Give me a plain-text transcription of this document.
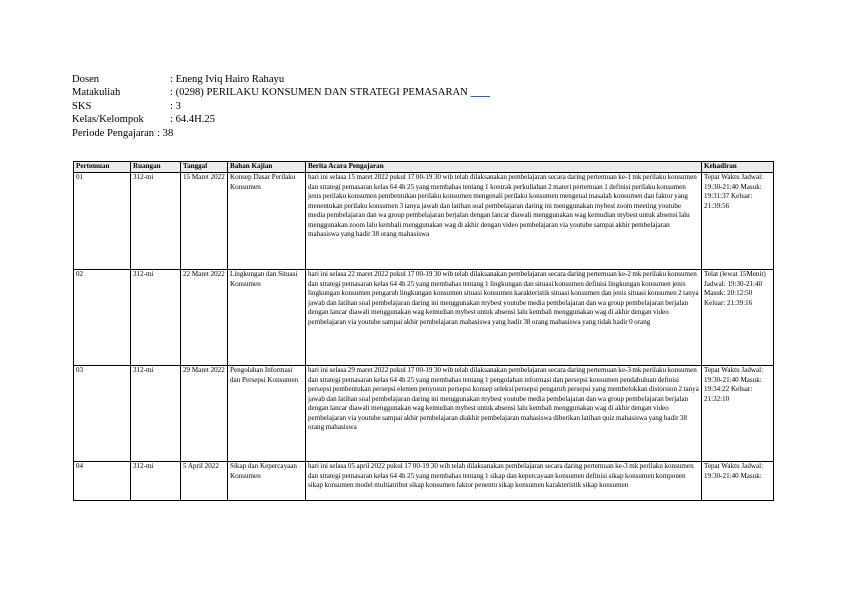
Dosen	: Eneng Iviq Hairo Rahayu
Matakuliah	: (0298) PERILAKU KONSUMEN DAN STRATEGI PEMASARAN _ _
SKS	: 3
Kelas/Kelompok	: 64.4H.25
Periode Pengajaran : 38
Pertemuan	Ruangan	Tanggal	Bahan Kajian	Berita Acara Pengajaran	Kehadiran
01	312-mi	15 Maret 2022	Konsep Dasar Perilaku Konsumen	hari ini selasa 15 maret 2022 pukul 17 00-19 30 wib telah dilaksanakan pembelajaran secara daring pertemuan ke-1 mk perilaku konsumen dan strategi pemasaran kelas 64 4h 25 yang membahas tentang 1 kontrak perkuliahan 2 materi pertemuan 1 definisi perilaku konsumen jenis perilaku konsumen pembentukan perilaku konsumen mengenali perilaku konsumen mengenal masalah konsumen dan faktor yang menentukan perilaku konsumen 3 tanya jawab dan latihan soal pembelajaran daring ini menggunakan mybest zoom meeting youtube media pembelajaran dan wa group pembelajaran berjalan dengan lancar diawali menggunakan wag kemudian mybest untuk absensi lalu menggunakan zoom lalu kembali menggunakan wag di akhir dengan video pembelajaran via youtube sampai akhir pembelajaran mahasiswa yang hadir 38 orang mahasiswa	Tepat Waktu Jadwal: 19:30-21:40 Masuk: 19:31:37 Keluar: 21:39:56
02	312-mi	22 Maret 2022	Lingkungan dan Situasi Konsumen	hari ini selasa 22 maret 2022 pukul 17 00-19 30 wib telah dilaksanakan pembelajaran secara daring pertemuan ke-2 mk perilaku konsumen dan strategi pemasaran kelas 64 4h 25 yang membahas tentang 1 lingkungan dan situasi konsumen definisi lingkungan konsumen jenis lingkungan konsumen pengaruh lingkungan konsumen situasi konsumen karakteristik situasi konsumen dan jenis situasi konsumen 2 tanya jawab dan latihan soal pembelajaran daring ini menggunakan mybest youtube media pembelajaran dan wa group pembelajaran berjalan dengan lancar diawali menggunakan wag kemudian mybest untuk absensi lalu kembali menggunakan wag di akhir dengan video pembelajaran via youtube sampai akhir pembelajaran mahasiswa yang hadir 38 orang mahasiswa yang tidak hadir 0 orang	Telat (lewat 15Menit) Jadwal: 19:30-21:40 Masuk: 20:12:50 Keluar: 21:39:16
03	312-mi	29 Maret 2022	Pengolahan Informasi dan Persepsi Konsumen	hari ini selasa 29 maret 2022 pukul 17 00-19 30 wib telah dilaksanakan pembelajaran secara daring pertemuan ke-3 mk perilaku konsumen dan strategi pemasaran kelas 64 4h 25 yang membahas tentang 1 pengolahan informasi dan persepsi konsumen pendahuluan definisi persepsi pembentukan persepsi elemen penyusun persepsi konsep seleksi persepsi pengaruh persepsi yang membelokkan distorsion 2 tanya jawab dan latihan soal pembelajaran daring ini menggunakan mybest youtube media pembelajaran dan wa group pembelajaran berjalan dengan lancar diawali menggunakan wag kemudian mybest untuk absensi lalu kembali menggunakan wag di akhir dengan video pembelajaran via youtube sampai akhir pembelajaran diakhir pembelajaran mahasiswa diberikan latihan quiz mahasiswa yang hadir 38 orang mahasiswa	Tepat Waktu Jadwal: 19:30-21:40 Masuk: 19:34:22 Keluar: 21:32:10
04	312-mi	5 April 2022	Sikap dan Kepercayaan Konsumen	hari ini selasa 05 april 2022 pukul 17 00-19 30 wib telah dilaksanakan pembelajaran secara daring pertemuan ke-3 mk perilaku konsumen dan strategi pemasaran kelas 64 4h 25 yang membahas tentang 1 sikap dan kepercayaan konsumen definisi sikap konsumen komponen sikap konsumen model multiatribut sikap konsumen faktor penentu sikap konsumen karakteristik sikap konsumen	Tepat Waktu Jadwal: 19:30-21:40 Masuk:
